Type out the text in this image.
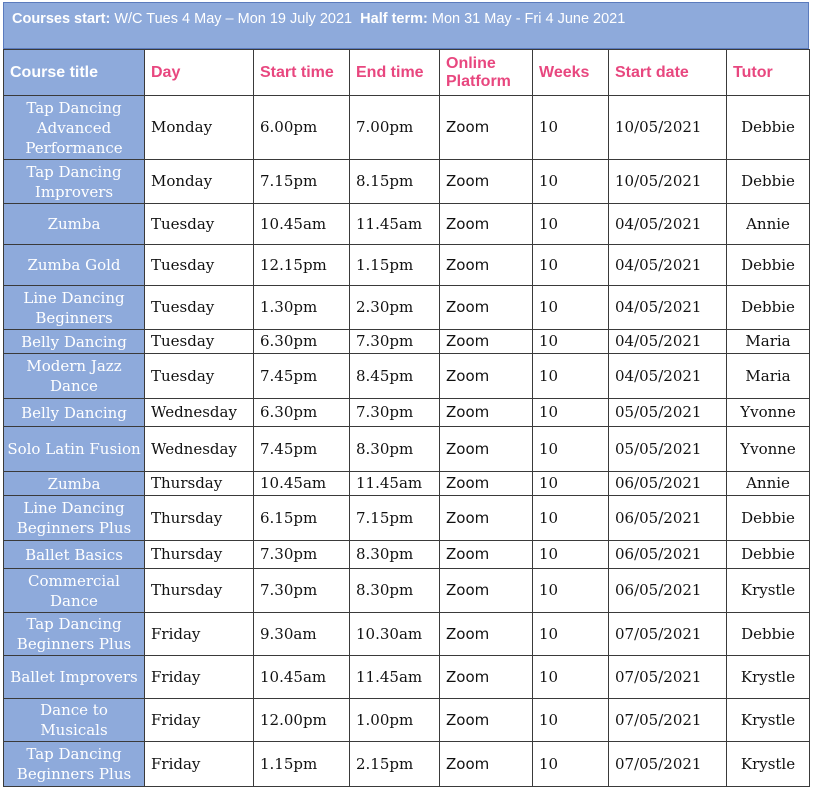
Courses start: W/C Tues 4 May – Mon 19 July 2021 Half term: Mon 31 May - Fri 4 June 2021
Course title	Day	Start time	End time	Online Platform	Weeks	Start date	Tutor
Tap Dancing Advanced Performance	Monday	6.00pm	7.00pm	Zoom	10	10/05/2021	Debbie
Tap Dancing Improvers	Monday	7.15pm	8.15pm	Zoom	10	10/05/2021	Debbie
Zumba	Tuesday	10.45am	11.45am	Zoom	10	04/05/2021	Annie
Zumba Gold	Tuesday	12.15pm	1.15pm	Zoom	10	04/05/2021	Debbie
Line Dancing Beginners	Tuesday	1.30pm	2.30pm	Zoom	10	04/05/2021	Debbie
Belly Dancing	Tuesday	6.30pm	7.30pm	Zoom	10	04/05/2021	Maria
Modern Jazz Dance	Tuesday	7.45pm	8.45pm	Zoom	10	04/05/2021	Maria
Belly Dancing	Wednesday	6.30pm	7.30pm	Zoom	10	05/05/2021	Yvonne
Solo Latin Fusion	Wednesday	7.45pm	8.30pm	Zoom	10	05/05/2021	Yvonne
Zumba	Thursday	10.45am	11.45am	Zoom	10	06/05/2021	Annie
Line Dancing Beginners Plus	Thursday	6.15pm	7.15pm	Zoom	10	06/05/2021	Debbie
Ballet Basics	Thursday	7.30pm	8.30pm	Zoom	10	06/05/2021	Debbie
Commercial Dance	Thursday	7.30pm	8.30pm	Zoom	10	06/05/2021	Krystle
Tap Dancing Beginners Plus	Friday	9.30am	10.30am	Zoom	10	07/05/2021	Debbie
Ballet Improvers	Friday	10.45am	11.45am	Zoom	10	07/05/2021	Krystle
Dance to Musicals	Friday	12.00pm	1.00pm	Zoom	10	07/05/2021	Krystle
Tap Dancing Beginners Plus	Friday	1.15pm	2.15pm	Zoom	10	07/05/2021	Krystle
